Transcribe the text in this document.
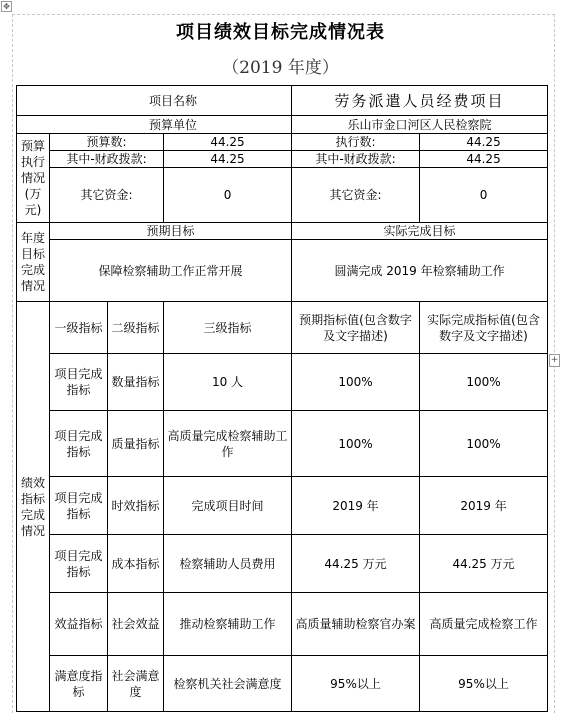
✥
+
项目绩效目标完成情况表
（2019 年度）
项目名称				劳务派遣人员经费项目	
预算单位				乐山市金口河区人民检察院	
预算执行情况(万元)	预算数:		44.25	执行数:	44.25
	其中-财政拨款:		44.25	其中-财政拨款:	44.25
	其它资金:		0	其它资金:	0
年度目标完成情况	预期目标			实际完成目标	
	保障检察辅助工作正常开展			圆满完成 2019 年检察辅助工作	
绩效指标完成情况	一级指标	二级指标	三级指标	预期指标值(包含数字及文字描述)	实际完成指标值(包含数字及文字描述)
	项目完成指标	数量指标	10 人	100%	100%
	项目完成指标	质量指标	高质量完成检察辅助工作	100%	100%
	项目完成指标	时效指标	完成项目时间	2019 年	2019 年
	项目完成指标	成本指标	检察辅助人员费用	44.25 万元	44.25 万元
	效益指标	社会效益	推动检察辅助工作	高质量辅助检察官办案	高质量完成检察工作
	满意度指标	社会满意度	检察机关社会满意度	95%以上	95%以上
